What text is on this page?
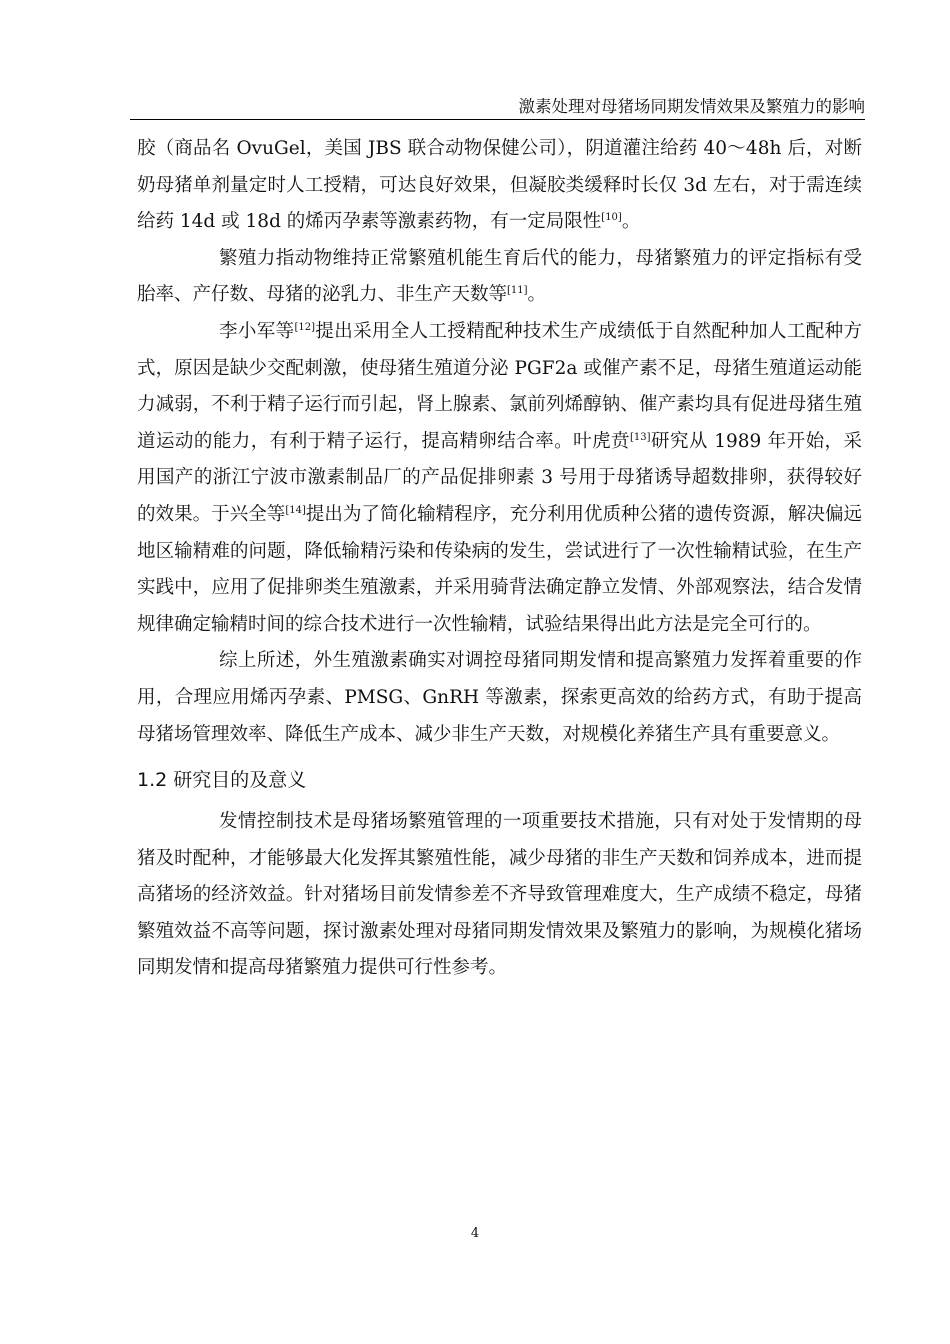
激素处理对母猪场同期发情效果及繁殖力的影响

胶（商品名 OvuGel，美国 JBS 联合动物保健公司），阴道灌注给药 40～48h 后，对断奶母猪单剂量定时人工授精，可达良好效果，但凝胶类缓释时长仅 3d 左右，对于需连续给药 14d 或 18d 的烯丙孕素等激素药物，有一定局限性[10]。

繁殖力指动物维持正常繁殖机能生育后代的能力，母猪繁殖力的评定指标有受胎率、产仔数、母猪的泌乳力、非生产天数等[11]。

李小军等[12]提出采用全人工授精配种技术生产成绩低于自然配种加人工配种方式，原因是缺少交配刺激，使母猪生殖道分泌 PGF2a 或催产素不足，母猪生殖道运动能力减弱，不利于精子运行而引起，肾上腺素、氯前列烯醇钠、催产素均具有促进母猪生殖道运动的能力，有利于精子运行，提高精卵结合率。叶虎贲[13]研究从 1989 年开始，采用国产的浙江宁波市激素制品厂的产品促排卵素 3 号用于母猪诱导超数排卵，获得较好的效果。于兴全等[14]提出为了简化输精程序，充分利用优质种公猪的遗传资源，解决偏远地区输精难的问题，降低输精污染和传染病的发生，尝试进行了一次性输精试验，在生产实践中，应用了促排卵类生殖激素，并采用骑背法确定静立发情、外部观察法，结合发情规律确定输精时间的综合技术进行一次性输精，试验结果得出此方法是完全可行的。

综上所述，外生殖激素确实对调控母猪同期发情和提高繁殖力发挥着重要的作用，合理应用烯丙孕素、PMSG、GnRH 等激素，探索更高效的给药方式，有助于提高母猪场管理效率、降低生产成本、减少非生产天数，对规模化养猪生产具有重要意义。

1.2 研究目的及意义

发情控制技术是母猪场繁殖管理的一项重要技术措施，只有对处于发情期的母猪及时配种，才能够最大化发挥其繁殖性能，减少母猪的非生产天数和饲养成本，进而提高猪场的经济效益。针对猪场目前发情参差不齐导致管理难度大，生产成绩不稳定，母猪繁殖效益不高等问题，探讨激素处理对母猪同期发情效果及繁殖力的影响，为规模化猪场同期发情和提高母猪繁殖力提供可行性参考。

4
